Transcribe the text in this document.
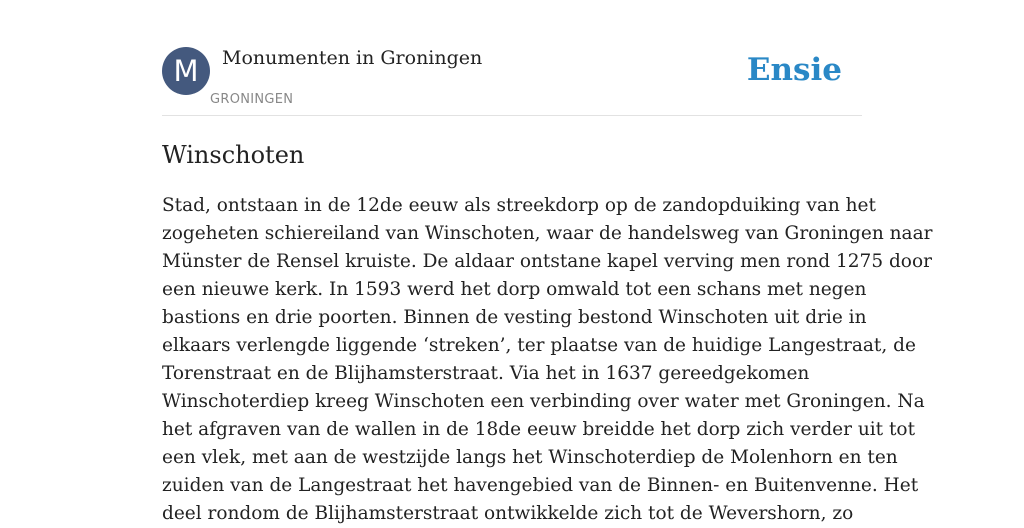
M	Monumenten in Groningen
GRONINGEN
Ensie
Winschoten

Stad, ontstaan in de 12de eeuw als streekdorp op de zandopduiking van het
zogeheten schiereiland van Winschoten, waar de handelsweg van Groningen naar
Münster de Rensel kruiste. De aldaar ontstane kapel verving men rond 1275 door
een nieuwe kerk. In 1593 werd het dorp omwald tot een schans met negen
bastions en drie poorten. Binnen de vesting bestond Winschoten uit drie in
elkaars verlengde liggende ‘streken’, ter plaatse van de huidige Langestraat, de
Torenstraat en de Blijhamsterstraat. Via het in 1637 gereedgekomen
Winschoterdiep kreeg Winschoten een verbinding over water met Groningen. Na
het afgraven van de wallen in de 18de eeuw breidde het dorp zich verder uit tot
een vlek, met aan de westzijde langs het Winschoterdiep de Molenhorn en ten
zuiden van de Langestraat het havengebied van de Binnen- en Buitenvenne. Het
deel rondom de Blijhamsterstraat ontwikkelde zich tot de Wevershorn, zo
